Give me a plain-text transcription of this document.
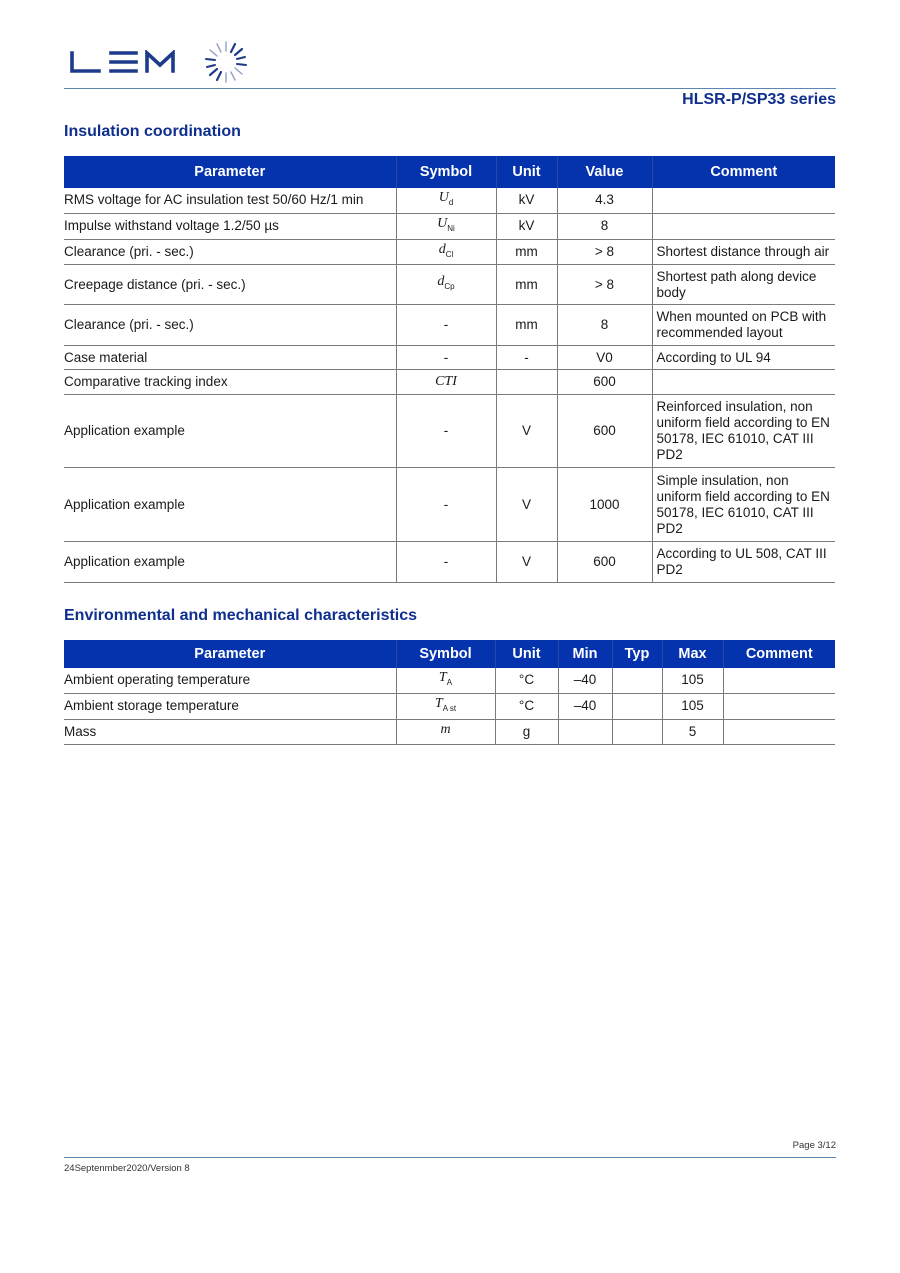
HLSR-P/SP33 series
Insulation coordination
Parameter	Symbol	Unit	Value	Comment
RMS voltage for AC insulation test 50/60 Hz/1 min	$U_d$	kV	4.3	
Impulse withstand voltage 1.2/50 µs	$U_{Ni}$	kV	8	
Clearance (pri. - sec.)	$d_{Cl}$	mm	> 8	Shortest distance through air
Creepage distance (pri. - sec.)	$d_{Cp}$	mm	> 8	Shortest path along device body
Clearance (pri. - sec.)	-	mm	8	When mounted on PCB with recommended layout
Case material	-	-	V0	According to UL 94
Comparative tracking index	CTI		600	
Application example	-	V	600	Reinforced insulation, non uniform field according to EN 50178, IEC 61010, CAT III PD2
Application example	-	V	1000	Simple insulation, non uniform field according to EN 50178, IEC 61010, CAT III PD2
Application example	-	V	600	According to UL 508, CAT III PD2
Environmental and mechanical characteristics
Parameter	Symbol	Unit	Min	Typ	Max	Comment
Ambient operating temperature	$T_A$	°C	–40		105	
Ambient storage temperature	$T_{A st}$	°C	–40		105	
Mass	m	g			5	
Page 3/12
24Septenmber2020/Version 8
